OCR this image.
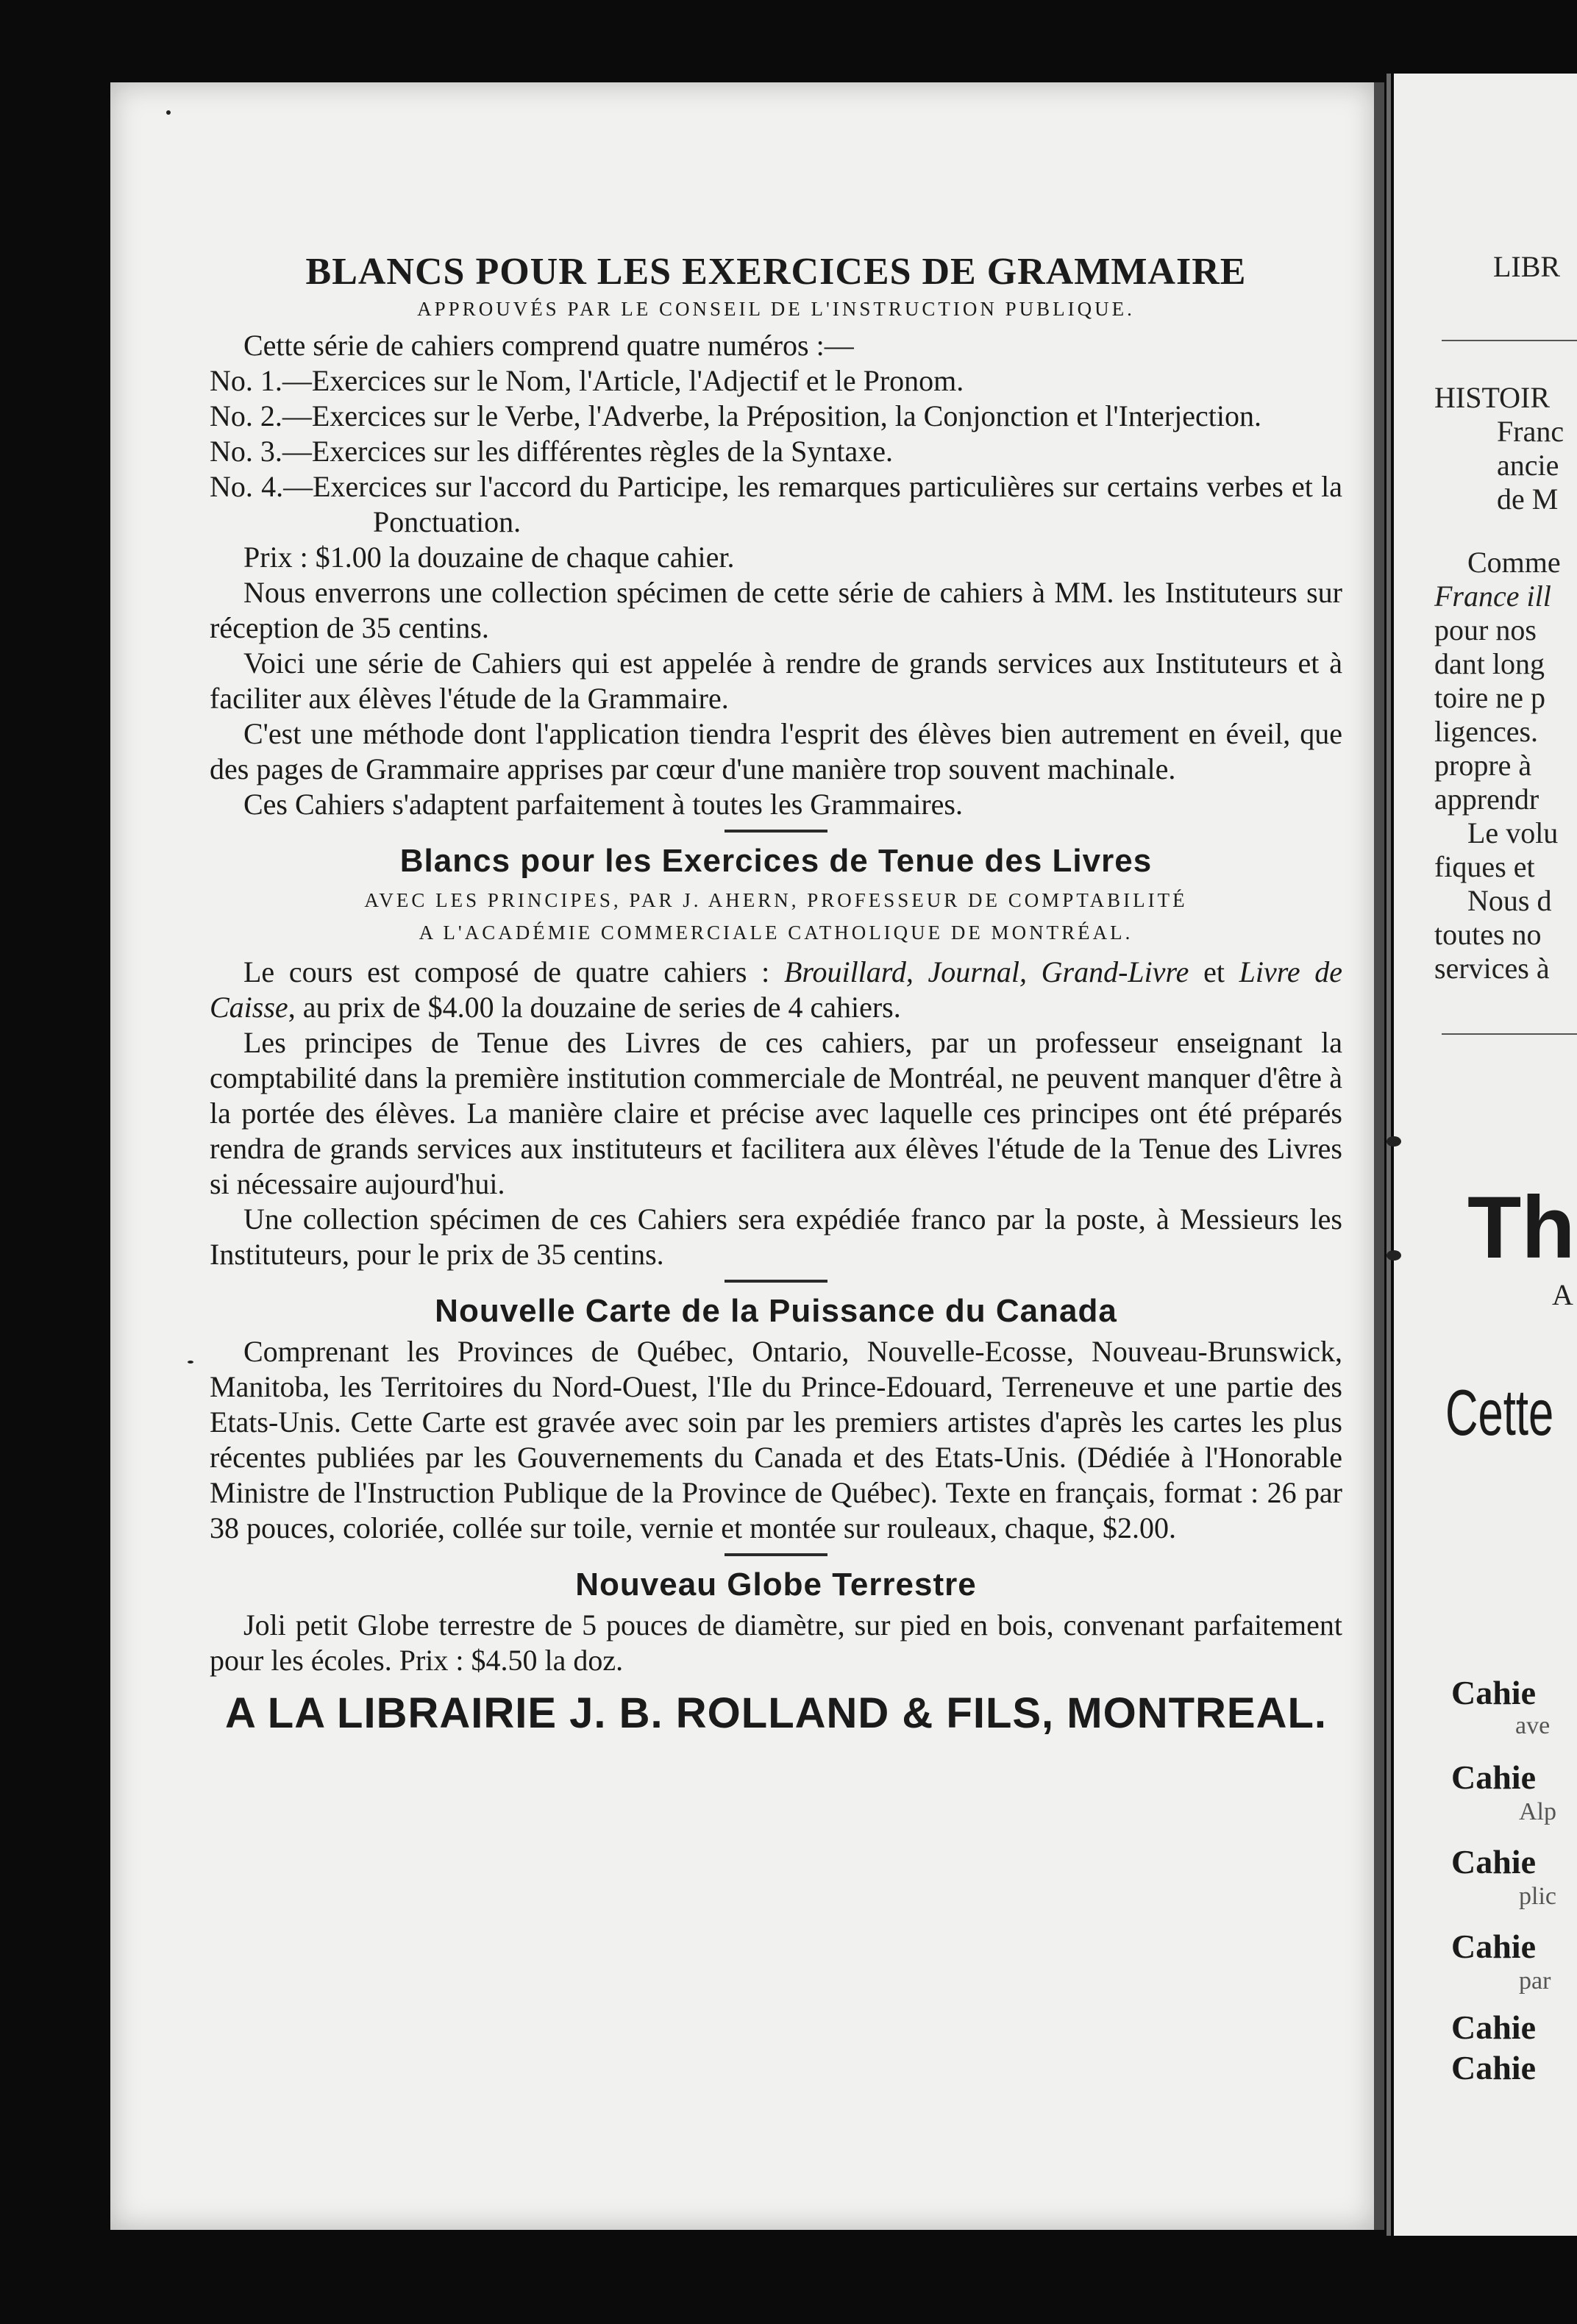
BLANCS POUR LES EXERCICES DE GRAMMAIRE

APPROUVÉS PAR LE CONSEIL DE L'INSTRUCTION PUBLIQUE.

Cette série de cahiers comprend quatre numéros :—

No. 1.—Exercices sur le Nom, l'Article, l'Adjectif et le Pronom.

No. 2.—Exercices sur le Verbe, l'Adverbe, la Préposition, la Conjonction et l'Interjection.

No. 3.—Exercices sur les différentes règles de la Syntaxe.

No. 4.—Exercices sur l'accord du Participe, les remarques particulières sur certains verbes et la Ponctuation.

Prix : $1.00 la douzaine de chaque cahier.

Nous enverrons une collection spécimen de cette série de cahiers à MM. les Instituteurs sur réception de 35 centins.

Voici une série de Cahiers qui est appelée à rendre de grands services aux Instituteurs et à faciliter aux élèves l'étude de la Grammaire.

C'est une méthode dont l'application tiendra l'esprit des élèves bien autrement en éveil, que des pages de Grammaire apprises par cœur d'une manière trop souvent machinale.

Ces Cahiers s'adaptent parfaitement à toutes les Grammaires.

Blancs pour les Exercices de Tenue des Livres

AVEC LES PRINCIPES, PAR J. AHERN, PROFESSEUR DE COMPTABILITÉ
A L'ACADÉMIE COMMERCIALE CATHOLIQUE DE MONTRÉAL.

Le cours est composé de quatre cahiers : Brouillard, Journal, Grand-Livre et Livre de Caisse, au prix de $4.00 la douzaine de series de 4 cahiers.

Les principes de Tenue des Livres de ces cahiers, par un professeur enseignant la comptabilité dans la première institution commerciale de Montréal, ne peuvent manquer d'être à la portée des élèves. La manière claire et précise avec laquelle ces principes ont été préparés rendra de grands services aux instituteurs et facilitera aux élèves l'étude de la Tenue des Livres si nécessaire aujourd'hui.

Une collection spécimen de ces Cahiers sera expédiée franco par la poste, à Messieurs les Instituteurs, pour le prix de 35 centins.

Nouvelle Carte de la Puissance du Canada

Comprenant les Provinces de Québec, Ontario, Nouvelle-Ecosse, Nouveau-Brunswick, Manitoba, les Territoires du Nord-Ouest, l'Ile du Prince-Edouard, Terreneuve et une partie des Etats-Unis. Cette Carte est gravée avec soin par les premiers artistes d'après les cartes les plus récentes publiées par les Gouvernements du Canada et des Etats-Unis. (Dédiée à l'Honorable Ministre de l'Instruction Publique de la Province de Québec). Texte en français, format : 26 par 38 pouces, coloriée, collée sur toile, vernie et montée sur rouleaux, chaque, $2.00.

Nouveau Globe Terrestre

Joli petit Globe terrestre de 5 pouces de diamètre, sur pied en bois, convenant parfaitement pour les écoles. Prix : $4.50 la doz.

A LA LIBRAIRIE J. B. ROLLAND & FILS, MONTREAL.
LIBR
HISTOIR
Franc
ancie
de M
Comme
France ill
pour nos
dant long
toire ne p
ligences.
propre à
apprendr
Le volu
fiques et
Nous d
toutes no
services à
Th
A
Cette
Cahie
ave
Cahie
Alp
Cahie
plic
Cahie
par
Cahie
Cahie
